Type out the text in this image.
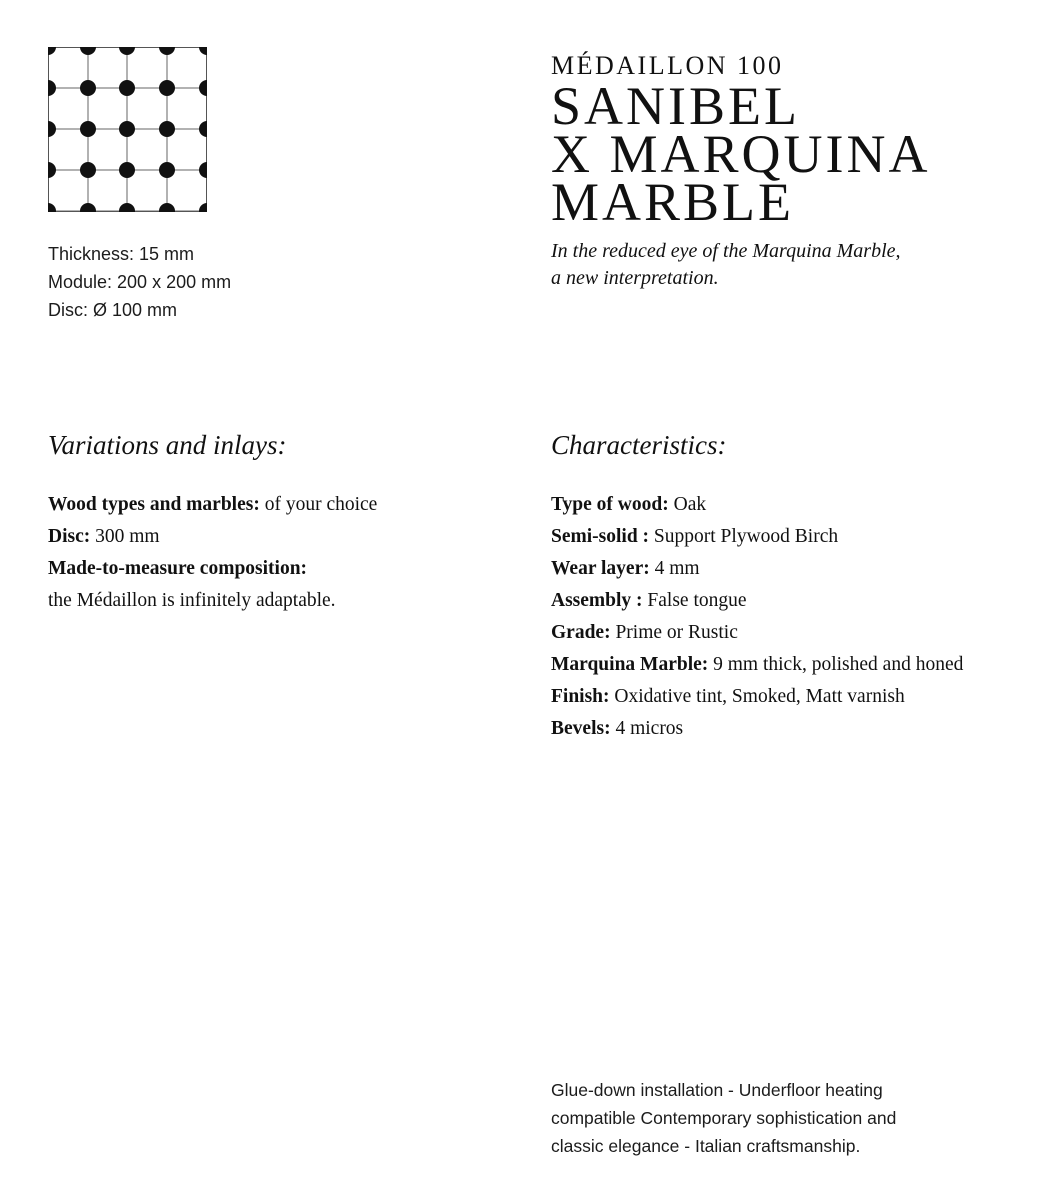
Thickness: 15 mm
Module: 200 x 200 mm
Disc: Ø 100 mm
MÉDAILLON 100
SANIBEL
X MARQUINA
MARBLE
In the reduced eye of the Marquina Marble,
a new interpretation.
Variations and inlays:	Characteristics:
Wood types and marbles: of your choice
Disc: 300 mm
Made-to-measure composition:
the Médaillon is infinitely adaptable.
Type of wood: Oak
Semi-solid : Support Plywood Birch
Wear layer: 4 mm
Assembly : False tongue
Grade: Prime or Rustic
Marquina Marble: 9 mm thick, polished and honed
Finish: Oxidative tint, Smoked, Matt varnish
Bevels: 4 micros
Glue-down installation - Underfloor heating
compatible Contemporary sophistication and
classic elegance - Italian craftsmanship.
